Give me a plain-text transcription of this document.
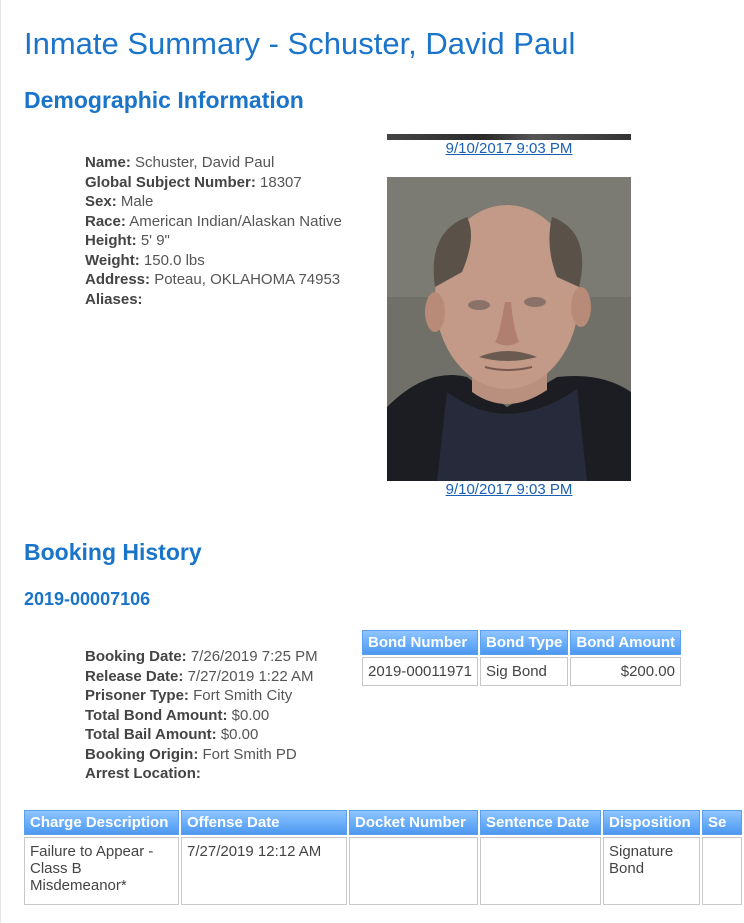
Inmate Summary - Schuster, David Paul
Demographic Information
9/10/2017 9:03 PM
Name: Schuster, David Paul
Global Subject Number: 18307
Sex: Male
Race: American Indian/Alaskan Native
Height: 5' 9"
Weight: 150.0 lbs
Address: Poteau, OKLAHOMA 74953
Aliases:
9/10/2017 9:03 PM
Booking History
2019-00007106
Booking Date: 7/26/2019 7:25 PM
Release Date: 7/27/2019 1:22 AM
Prisoner Type: Fort Smith City
Total Bond Amount: $0.00
Total Bail Amount: $0.00
Booking Origin: Fort Smith PD
Arrest Location:
Bond Number	Bond Type	Bond Amount
2019-00011971	Sig Bond	$200.00
Charge Description	Offense Date	Docket Number	Sentence Date	Disposition	Se
Failure to Appear - Class B Misdemeanor*	7/27/2019 12:12 AM			Signature Bond	
